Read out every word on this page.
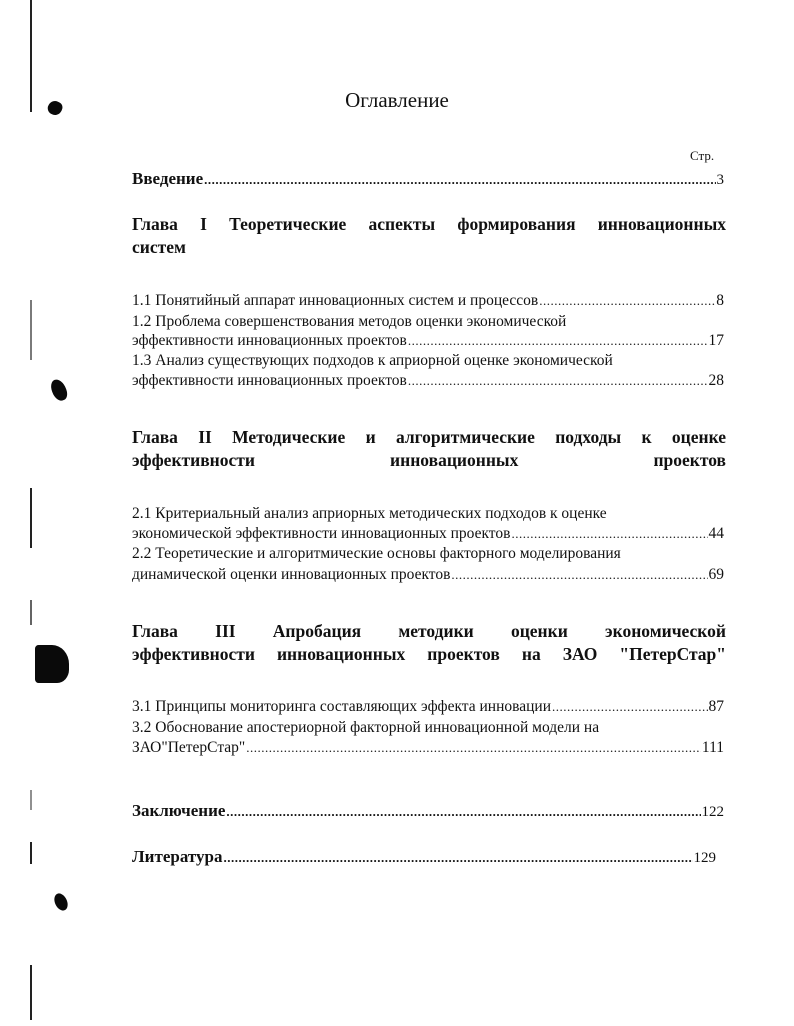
Оглавление
Стр.
Введение .....	3

Глава I Теоретические аспекты формирования инновационных
систем

1.1 Понятийный аппарат инновационных систем и процессов .....	8
1.2 Проблема совершенствования методов оценки экономической
эффективности инновационных проектов .....	17
1.3 Анализ существующих подходов к априорной оценке экономической
эффективности инновационных проектов .....	28

Глава II Методические и алгоритмические подходы к оценке
эффективности инновационных проектов

2.1 Критериальный анализ априорных методических подходов к оценке
экономической эффективности инновационных проектов .....	44
2.2 Теоретические и алгоритмические основы факторного моделирования
динамической оценки инновационных проектов .....	69

Глава III Апробация методики оценки экономической
эффективности инновационных проектов на ЗАО "ПетерСтар"

3.1 Принципы мониторинга составляющих эффекта инновации .....	87
3.2 Обоснование апостериорной факторной инновационной модели на
ЗАО"ПетерСтар" .....	111
Заключение .....	122
Литература .....	129
